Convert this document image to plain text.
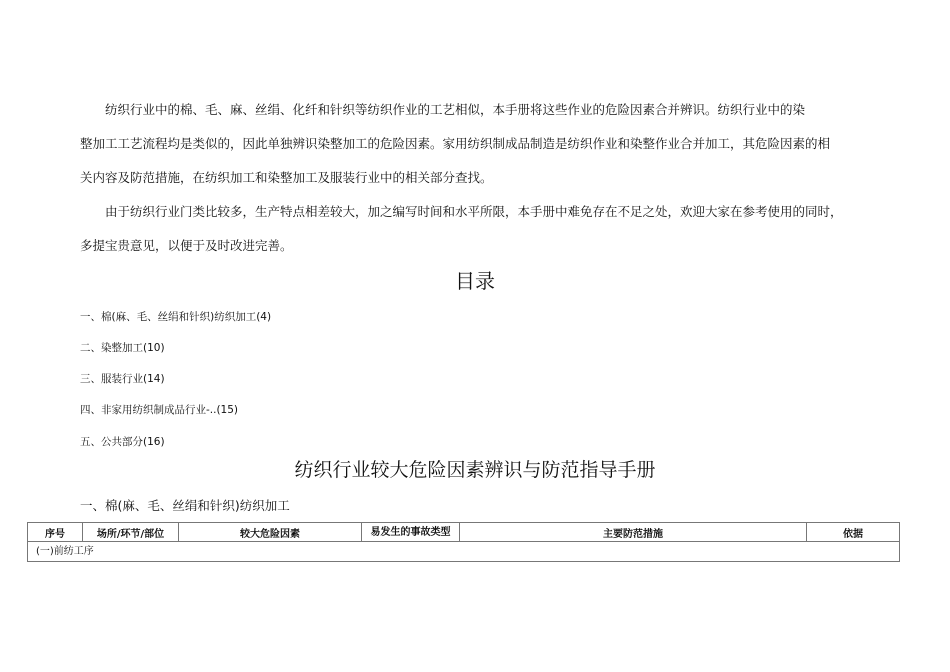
纺织行业中的棉、毛、麻、丝绢、化纤和针织等纺织作业的工艺相似，本手册将这些作业的危险因素合并辨识。纺织行业中的染
整加工工艺流程均是类似的，因此单独辨识染整加工的危险因素。家用纺织制成品制造是纺织作业和染整作业合并加工，其危险因素的相
关内容及防范措施，在纺织加工和染整加工及服装行业中的相关部分查找。
由于纺织行业门类比较多，生产特点相差较大，加之编写时间和水平所限，本手册中难免存在不足之处，欢迎大家在参考使用的同时，
多提宝贵意见，以便于及时改进完善。
目录
一、棉(麻、毛、丝绢和针织)纺织加工(4)
二、染整加工(10)
三、服装行业(14)
四、非家用纺织制成品行业-..(15)
五、公共部分(16)
纺织行业较大危险因素辨识与防范指导手册
一、棉(麻、毛、丝绢和针织)纺织加工
序号	场所/环节/部位	较大危险因素	易发生的事故类型	主要防范措施	依据
(一)前纺工序
